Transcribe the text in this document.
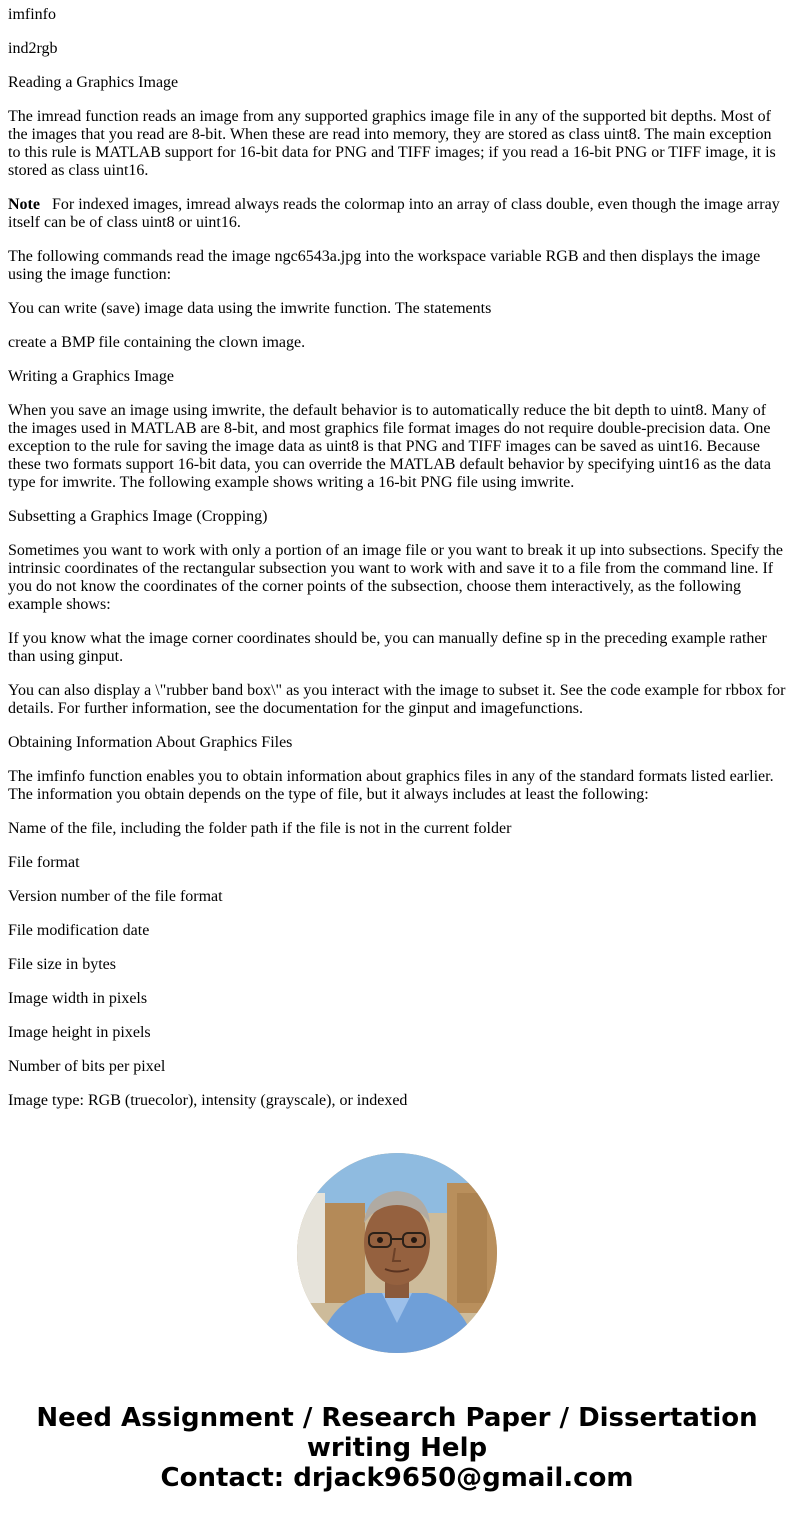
imfinfo

ind2rgb

Reading a Graphics Image

The imread function reads an image from any supported graphics image file in any of the supported bit depths. Most of the images that you read are 8-bit. When these are read into memory, they are stored as class uint8. The main exception to this rule is MATLAB support for 16-bit data for PNG and TIFF images; if you read a 16-bit PNG or TIFF image, it is stored as class uint16.

Note For indexed images, imread always reads the colormap into an array of class double, even though the image array itself can be of class uint8 or uint16.

The following commands read the image ngc6543a.jpg into the workspace variable RGB and then displays the image using the image function:

You can write (save) image data using the imwrite function. The statements

create a BMP file containing the clown image.

Writing a Graphics Image

When you save an image using imwrite, the default behavior is to automatically reduce the bit depth to uint8. Many of the images used in MATLAB are 8-bit, and most graphics file format images do not require double-precision data. One exception to the rule for saving the image data as uint8 is that PNG and TIFF images can be saved as uint16. Because these two formats support 16-bit data, you can override the MATLAB default behavior by specifying uint16 as the data type for imwrite. The following example shows writing a 16-bit PNG file using imwrite.

Subsetting a Graphics Image (Cropping)

Sometimes you want to work with only a portion of an image file or you want to break it up into subsections. Specify the intrinsic coordinates of the rectangular subsection you want to work with and save it to a file from the command line. If you do not know the coordinates of the corner points of the subsection, choose them interactively, as the following example shows:

If you know what the image corner coordinates should be, you can manually define sp in the preceding example rather than using ginput.

You can also display a \"rubber band box\" as you interact with the image to subset it. See the code example for rbbox for details. For further information, see the documentation for the ginput and imagefunctions.

Obtaining Information About Graphics Files

The imfinfo function enables you to obtain information about graphics files in any of the standard formats listed earlier. The information you obtain depends on the type of file, but it always includes at least the following:

Name of the file, including the folder path if the file is not in the current folder

File format

Version number of the file format

File modification date

File size in bytes

Image width in pixels

Image height in pixels

Number of bits per pixel

Image type: RGB (truecolor), intensity (grayscale), or indexed

Need Assignment / Research Paper / Dissertation
writing Help
Contact: drjack9650@gmail.com
